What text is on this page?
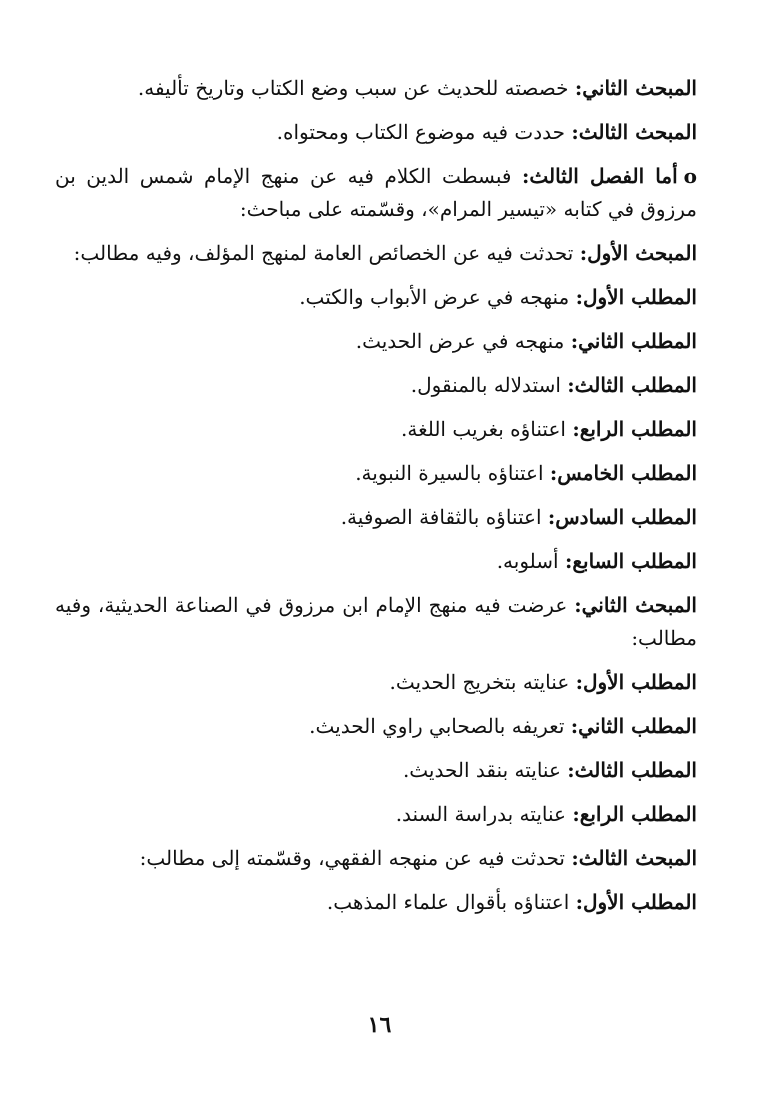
المبحث الثاني: خصصته للحديث عن سبب وضع الكتاب وتاريخ تأليفه.
المبحث الثالث: حددت فيه موضوع الكتاب ومحتواه.
oأما الفصل الثالث: فبسطت الكلام فيه عن منهج الإمام شمس الدين بن مرزوق في كتابه «تيسير المرام»، وقسّمته على مباحث:
المبحث الأول: تحدثت فيه عن الخصائص العامة لمنهج المؤلف، وفيه مطالب:
المطلب الأول: منهجه في عرض الأبواب والكتب.
المطلب الثاني: منهجه في عرض الحديث.
المطلب الثالث: استدلاله بالمنقول.
المطلب الرابع: اعتناؤه بغريب اللغة.
المطلب الخامس: اعتناؤه بالسيرة النبوية.
المطلب السادس: اعتناؤه بالثقافة الصوفية.
المطلب السابع: أسلوبه.
المبحث الثاني: عرضت فيه منهج الإمام ابن مرزوق في الصناعة الحديثية، وفيه مطالب:
المطلب الأول: عنايته بتخريج الحديث.
المطلب الثاني: تعريفه بالصحابي راوي الحديث.
المطلب الثالث: عنايته بنقد الحديث.
المطلب الرابع: عنايته بدراسة السند.
المبحث الثالث: تحدثت فيه عن منهجه الفقهي، وقسّمته إلى مطالب:
المطلب الأول: اعتناؤه بأقوال علماء المذهب.
١٦
